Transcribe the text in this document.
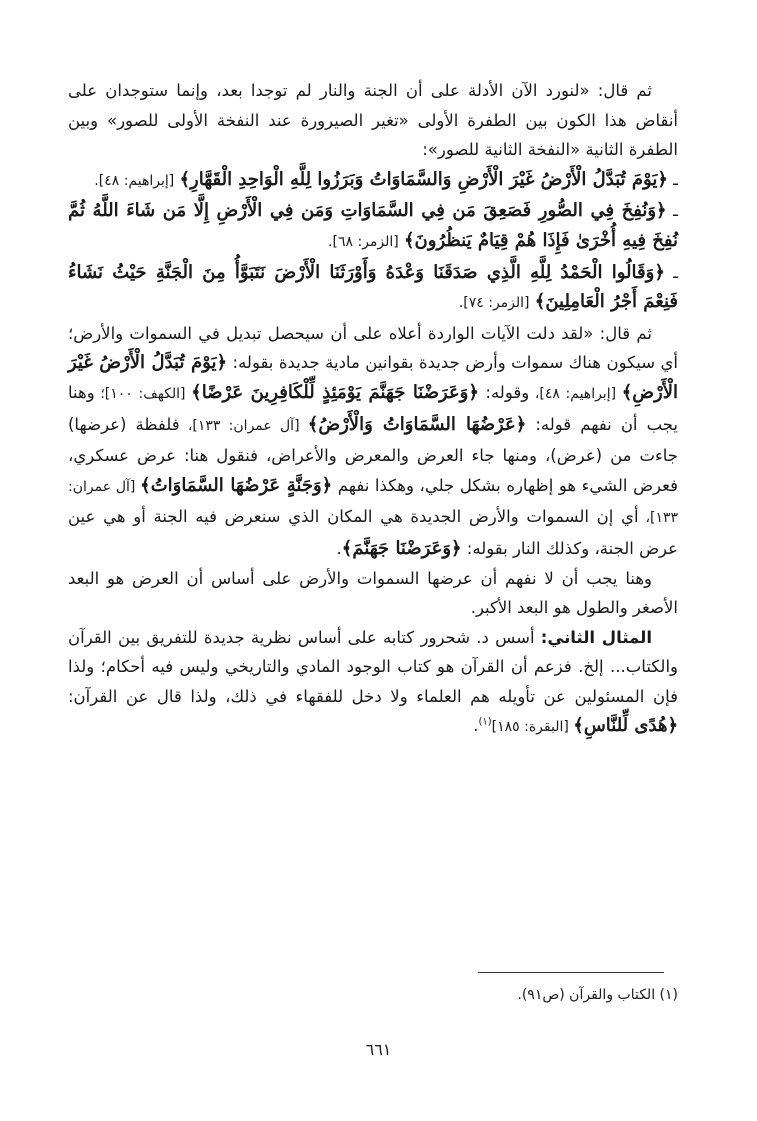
ثم قال: «لنورد الآن الأدلة على أن الجنة والنار لم توجدا بعد، وإنما ستوجدان على أنقاض هذا الكون بين الطفرة الأولى «تغير الصيرورة عند النفخة الأولى للصور» وبين الطفرة الثانية «النفخة الثانية للصور»:

ـ ﴿يَوْمَ تُبَدَّلُ الْأَرْضُ غَيْرَ الْأَرْضِ وَالسَّمَاوَاتُ وَبَرَزُوا لِلَّهِ الْوَاحِدِ الْقَهَّارِ﴾ [إبراهيم: ٤٨].

ـ ﴿وَنُفِخَ فِي الصُّورِ فَصَعِقَ مَن فِي السَّمَاوَاتِ وَمَن فِي الْأَرْضِ إِلَّا مَن شَاءَ اللَّهُ ثُمَّ نُفِخَ فِيهِ أُخْرَىٰ فَإِذَا هُمْ قِيَامٌ يَنظُرُونَ﴾ [الزمر: ٦٨].

ـ ﴿وَقَالُوا الْحَمْدُ لِلَّهِ الَّذِي صَدَقَنَا وَعْدَهُ وَأَوْرَثَنَا الْأَرْضَ نَتَبَوَّأُ مِنَ الْجَنَّةِ حَيْثُ نَشَاءُ فَنِعْمَ أَجْرُ الْعَامِلِينَ﴾ [الزمر: ٧٤].

ثم قال: «لقد دلت الآيات الواردة أعلاه على أن سيحصل تبديل في السموات والأرض؛ أي سيكون هناك سموات وأرض جديدة بقوانين مادية جديدة بقوله: ﴿يَوْمَ تُبَدَّلُ الْأَرْضُ غَيْرَ الْأَرْضِ﴾ [إبراهيم: ٤٨]، وقوله: ﴿وَعَرَضْنَا جَهَنَّمَ يَوْمَئِذٍ لِّلْكَافِرِينَ عَرْضًا﴾ [الكهف: ١٠٠]؛ وهنا يجب أن نفهم قوله: ﴿عَرْضُهَا السَّمَاوَاتُ وَالْأَرْضُ﴾ [آل عمران: ١٣٣]، فلفظة (عرضها) جاءت من (عرض)، ومنها جاء العرض والمعرض والأعراض، فنقول هنا: عرض عسكري، فعرض الشيء هو إظهاره بشكل جلي، وهكذا نفهم ﴿وَجَنَّةٍ عَرْضُهَا السَّمَاوَاتُ﴾ [آل عمران: ١٣٣]، أي إن السموات والأرض الجديدة هي المكان الذي سنعرض فيه الجنة أو هي عين عرض الجنة، وكذلك النار بقوله: ﴿وَعَرَضْنَا جَهَنَّمَ﴾.

وهنا يجب أن لا نفهم أن عرضها السموات والأرض على أساس أن العرض هو البعد الأصغر والطول هو البعد الأكبر.

المثال الثاني: أسس د. شحرور كتابه على أساس نظرية جديدة للتفريق بين القرآن والكتاب... إلخ. فزعم أن القرآن هو كتاب الوجود المادي والتاريخي وليس فيه أحكام؛ ولذا فإن المسئولين عن تأويله هم العلماء ولا دخل للفقهاء في ذلك، ولذا قال عن القرآن: ﴿هُدًى لِّلنَّاسِ﴾ [البقرة: ١٨٥]$^{(١)}$.

(١) الكتاب والقرآن (ص٩١).
٦٦١
